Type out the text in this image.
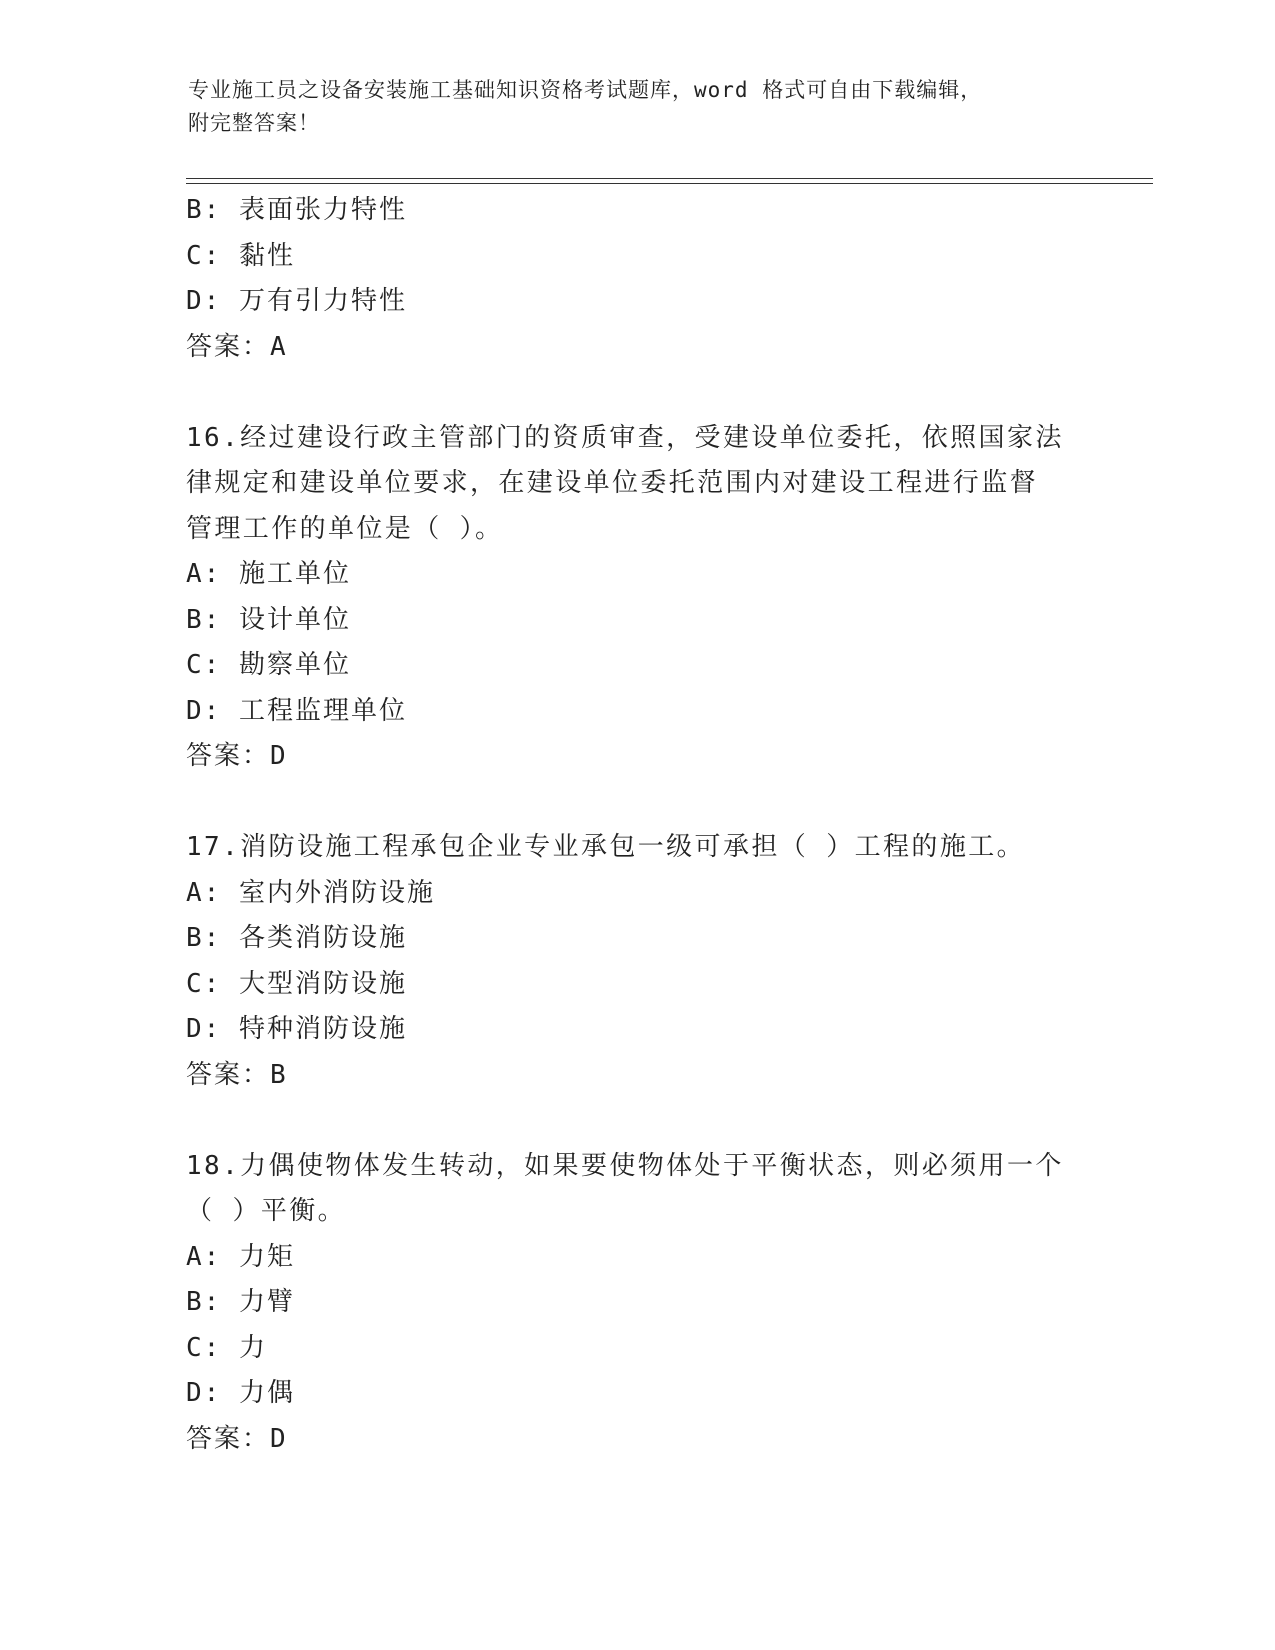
专业施工员之设备安装施工基础知识资格考试题库，word 格式可自由下载编辑，
附完整答案！
B: 表面张力特性
C: 黏性
D: 万有引力特性
答案：A
16.经过建设行政主管部门的资质审查，受建设单位委托，依照国家法
律规定和建设单位要求，在建设单位委托范围内对建设工程进行监督
管理工作的单位是（ ）。
A: 施工单位
B: 设计单位
C: 勘察单位
D: 工程监理单位
答案：D
17.消防设施工程承包企业专业承包一级可承担（ ）工程的施工。
A: 室内外消防设施
B: 各类消防设施
C: 大型消防设施
D: 特种消防设施
答案：B
18.力偶使物体发生转动，如果要使物体处于平衡状态，则必须用一个
（ ）平衡。
A: 力矩
B: 力臂
C: 力
D: 力偶
答案：D
